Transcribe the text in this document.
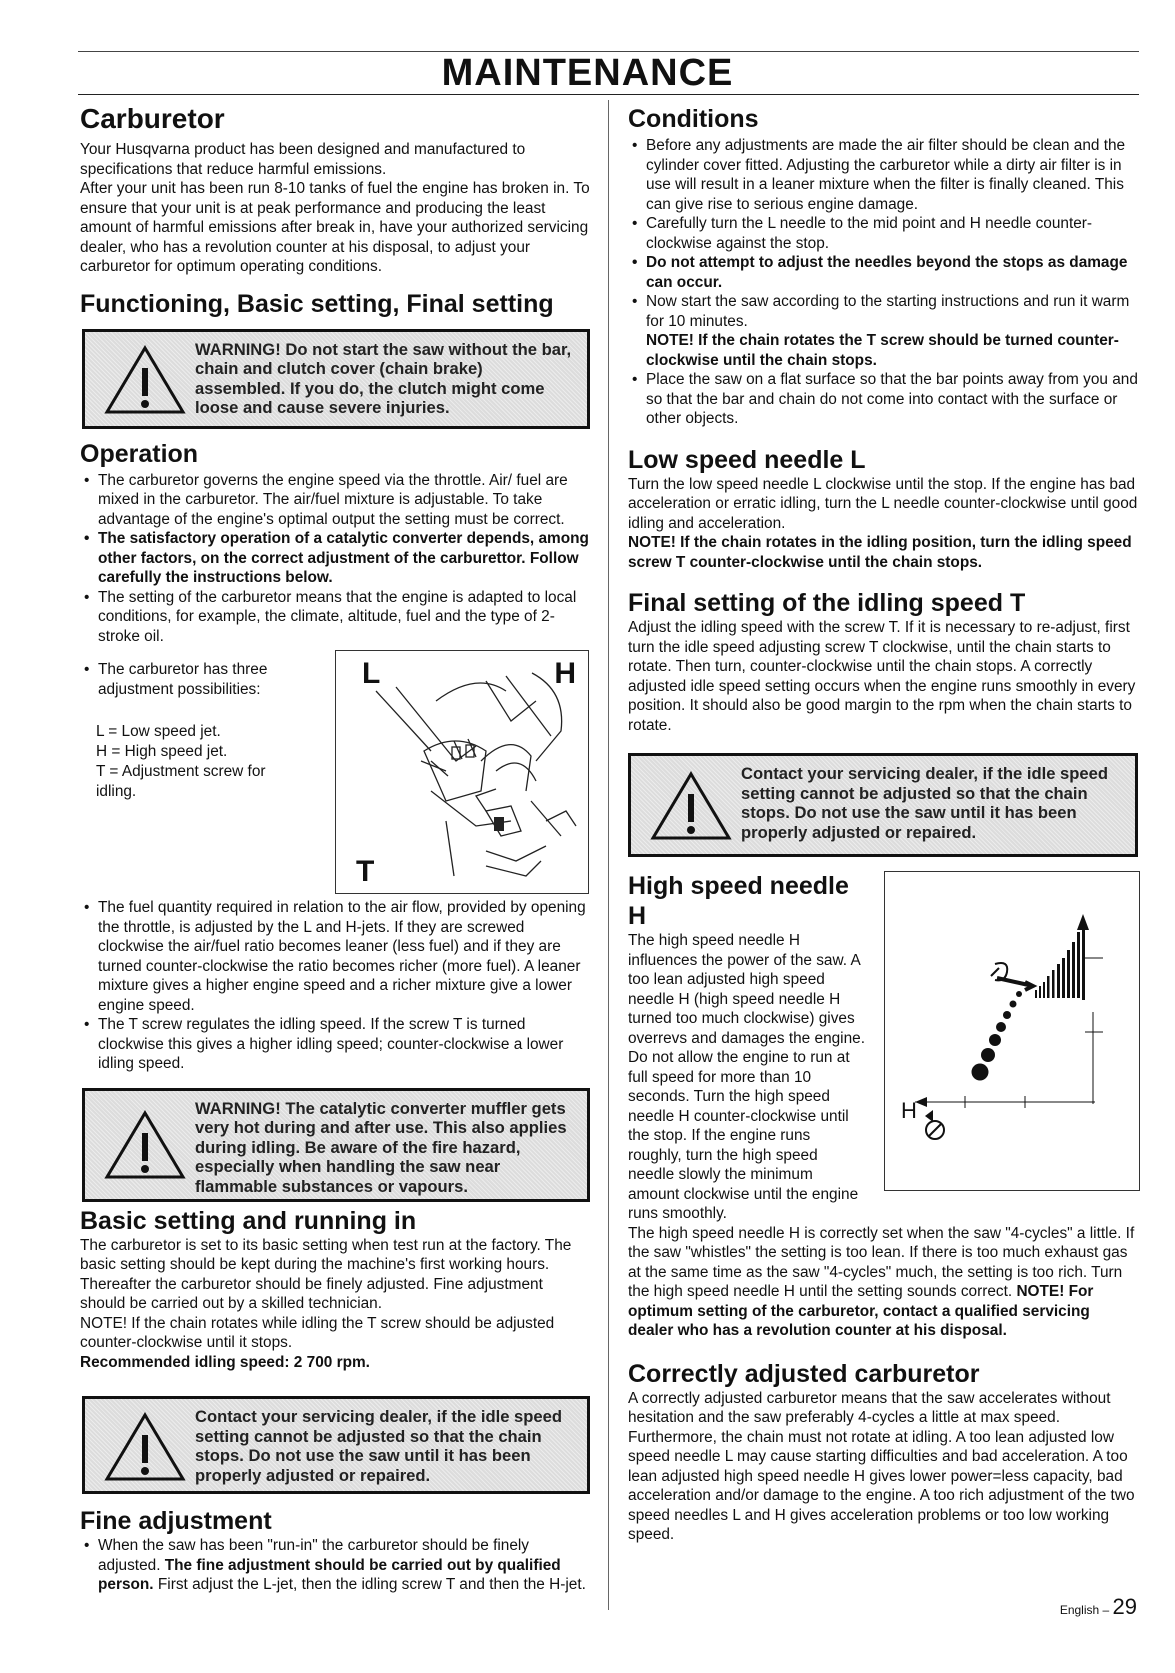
MAINTENANCE
Carburetor

Your Husqvarna product has been designed and manufactured to specifications that reduce harmful emissions.

After your unit has been run 8-10 tanks of fuel the engine has broken in. To ensure that your unit is at peak performance and producing the least amount of harmful emissions after break in, have your authorized servicing dealer, who has a revolution counter at his disposal, to adjust your carburetor for optimum operating conditions.

Functioning, Basic setting, Final setting
WARNING! Do not start the saw without the bar, chain and clutch cover (chain brake) assembled. If you do, the clutch might come loose and cause severe injuries.
Operation
• The carburetor governs the engine speed via the throttle. Air/ fuel are mixed in the carburetor. The air/fuel mixture is adjustable. To take advantage of the engine's optimal output the setting must be correct.
• The satisfactory operation of a catalytic converter depends, among other factors, on the correct adjustment of the carburettor. Follow carefully the instructions below.
• The setting of the carburetor means that the engine is adapted to local conditions, for example, the climate, altitude, fuel and the type of 2-stroke oil.
• The carburetor has three adjustment possibilities:

L = Low speed jet.

H = High speed jet.

T = Adjustment screw for idling.

L	H
T
• The fuel quantity required in relation to the air flow, provided by opening the throttle, is adjusted by the L and H-jets. If they are screwed clockwise the air/fuel ratio becomes leaner (less fuel) and if they are turned counter-clockwise the ratio becomes richer (more fuel). A leaner mixture gives a higher engine speed and a richer mixture give a lower engine speed.
• The T screw regulates the idling speed. If the screw T is turned clockwise this gives a higher idling speed; counter-clockwise a lower idling speed.
WARNING! The catalytic converter muffler gets very hot during and after use. This also applies during idling. Be aware of the fire hazard, especially when handling the saw near flammable substances or vapours.
Basic setting and running in

The carburetor is set to its basic setting when test run at the factory. The basic setting should be kept during the machine's first working hours. Thereafter the carburetor should be finely adjusted. Fine adjustment should be carried out by a skilled technician.

NOTE! If the chain rotates while idling the T screw should be adjusted counter-clockwise until it stops.

Recommended idling speed: 2 700 rpm.

Contact your servicing dealer, if the idle speed setting cannot be adjusted so that the chain stops. Do not use the saw until it has been properly adjusted or repaired.
Fine adjustment
• When the saw has been "run-in" the carburetor should be finely adjusted. The fine adjustment should be carried out by qualified person. First adjust the L-jet, then the idling screw T and then the H-jet.
Conditions
• Before any adjustments are made the air filter should be clean and the cylinder cover fitted. Adjusting the carburetor while a dirty air filter is in use will result in a leaner mixture when the filter is finally cleaned. This can give rise to serious engine damage.
• Carefully turn the L needle to the mid point and H needle counter-clockwise against the stop.
• Do not attempt to adjust the needles beyond the stops as damage can occur.
• Now start the saw according to the starting instructions and run it warm for 10 minutes.
NOTE! If the chain rotates the T screw should be turned counter-clockwise until the chain stops.
• Place the saw on a flat surface so that the bar points away from you and so that the bar and chain do not come into contact with the surface or other objects.
Low speed needle L

Turn the low speed needle L clockwise until the stop. If the engine has bad acceleration or erratic idling, turn the L needle counter-clockwise until good idling and acceleration.

NOTE! If the chain rotates in the idling position, turn the idling speed screw T counter-clockwise until the chain stops.

Final setting of the idling speed T

Adjust the idling speed with the screw T. If it is necessary to re-adjust, first turn the idle speed adjusting screw T clockwise, until the chain starts to rotate. Then turn, counter-clockwise until the chain stops. A correctly adjusted idle speed setting occurs when the engine runs smoothly in every position. It should also be good margin to the rpm when the chain starts to rotate.

Contact your servicing dealer, if the idle speed setting cannot be adjusted so that the chain stops. Do not use the saw until it has been properly adjusted or repaired.
High speed needle H

The high speed needle H influences the power of the saw. A too lean adjusted high speed needle H (high speed needle H turned too much clockwise) gives overrevs and damages the engine. Do not allow the engine to run at full speed for more than 10 seconds. Turn the high speed needle H counter-clockwise until the stop. If the engine runs roughly, turn the high speed needle slowly the minimum amount clockwise until the engine runs smoothly.

H

The high speed needle H is correctly set when the saw "4-cycles" a little. If the saw "whistles" the setting is too lean. If there is too much exhaust gas at the same time as the saw "4-cycles" much, the setting is too rich. Turn the high speed needle H until the setting sounds correct. NOTE! For optimum setting of the carburetor, contact a qualified servicing dealer who has a revolution counter at his disposal.

Correctly adjusted carburetor

A correctly adjusted carburetor means that the saw accelerates without hesitation and the saw preferably 4-cycles a little at max speed. Furthermore, the chain must not rotate at idling. A too lean adjusted low speed needle L may cause starting difficulties and bad acceleration. A too lean adjusted high speed needle H gives lower power=less capacity, bad acceleration and/or damage to the engine. A too rich adjustment of the two speed needles L and H gives acceleration problems or too low working speed.

English – 29
